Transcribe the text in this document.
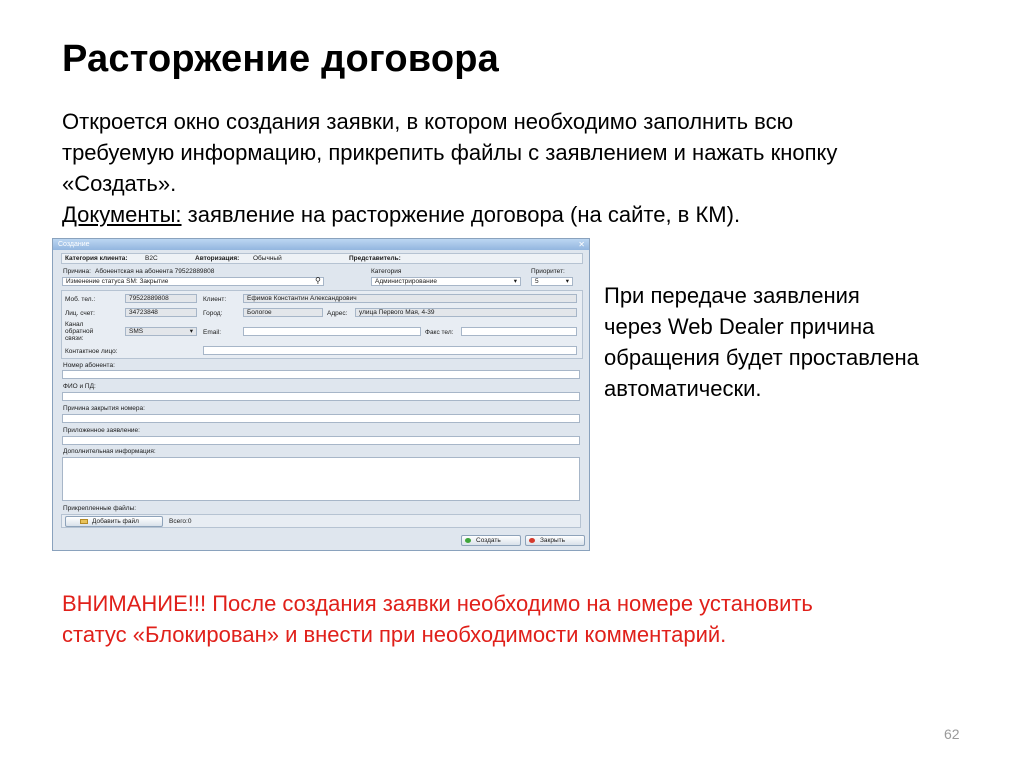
Расторжение договора
Откроется окно создания заявки, в котором необходимо заполнить всю
требуемую информацию, прикрепить файлы с заявлением и нажать кнопку
«Создать».
Документы: заявление на расторжение договора (на сайте, в КМ).
Создание	✕
Категория клиента:	B2C	Авторизация: Обычный	Представитель:
Причина: Абонентская на абонента 79522889808	Категория	Приоритет:
Изменение статуса SM: Закрытие	⚲	Администрирование	▾	5	▾
Моб. тел.:	79522889808	Клиент:	Ефимов Константин Александрович
Лиц. счет:	34723848	Город:	Бологое	Адрес:	улица Первого Мая, 4-39
Канал
обратной
связи:
SMS	▾ Email:	Факс тел:
Контактное лицо:
Номер абонента:
ФИО и ПД:
Причина закрытия номера:
Приложенное заявление:
Дополнительная информация:
Прикрепленные файлы:
Добавить файл	Всего:0
Создать	Закрыть
При передаче заявления
через Web Dealer причина
обращения будет проставлена
автоматически.
ВНИМАНИЕ!!! После создания заявки необходимо на номере установить
статус «Блокирован» и внести при необходимости комментарий.
62
